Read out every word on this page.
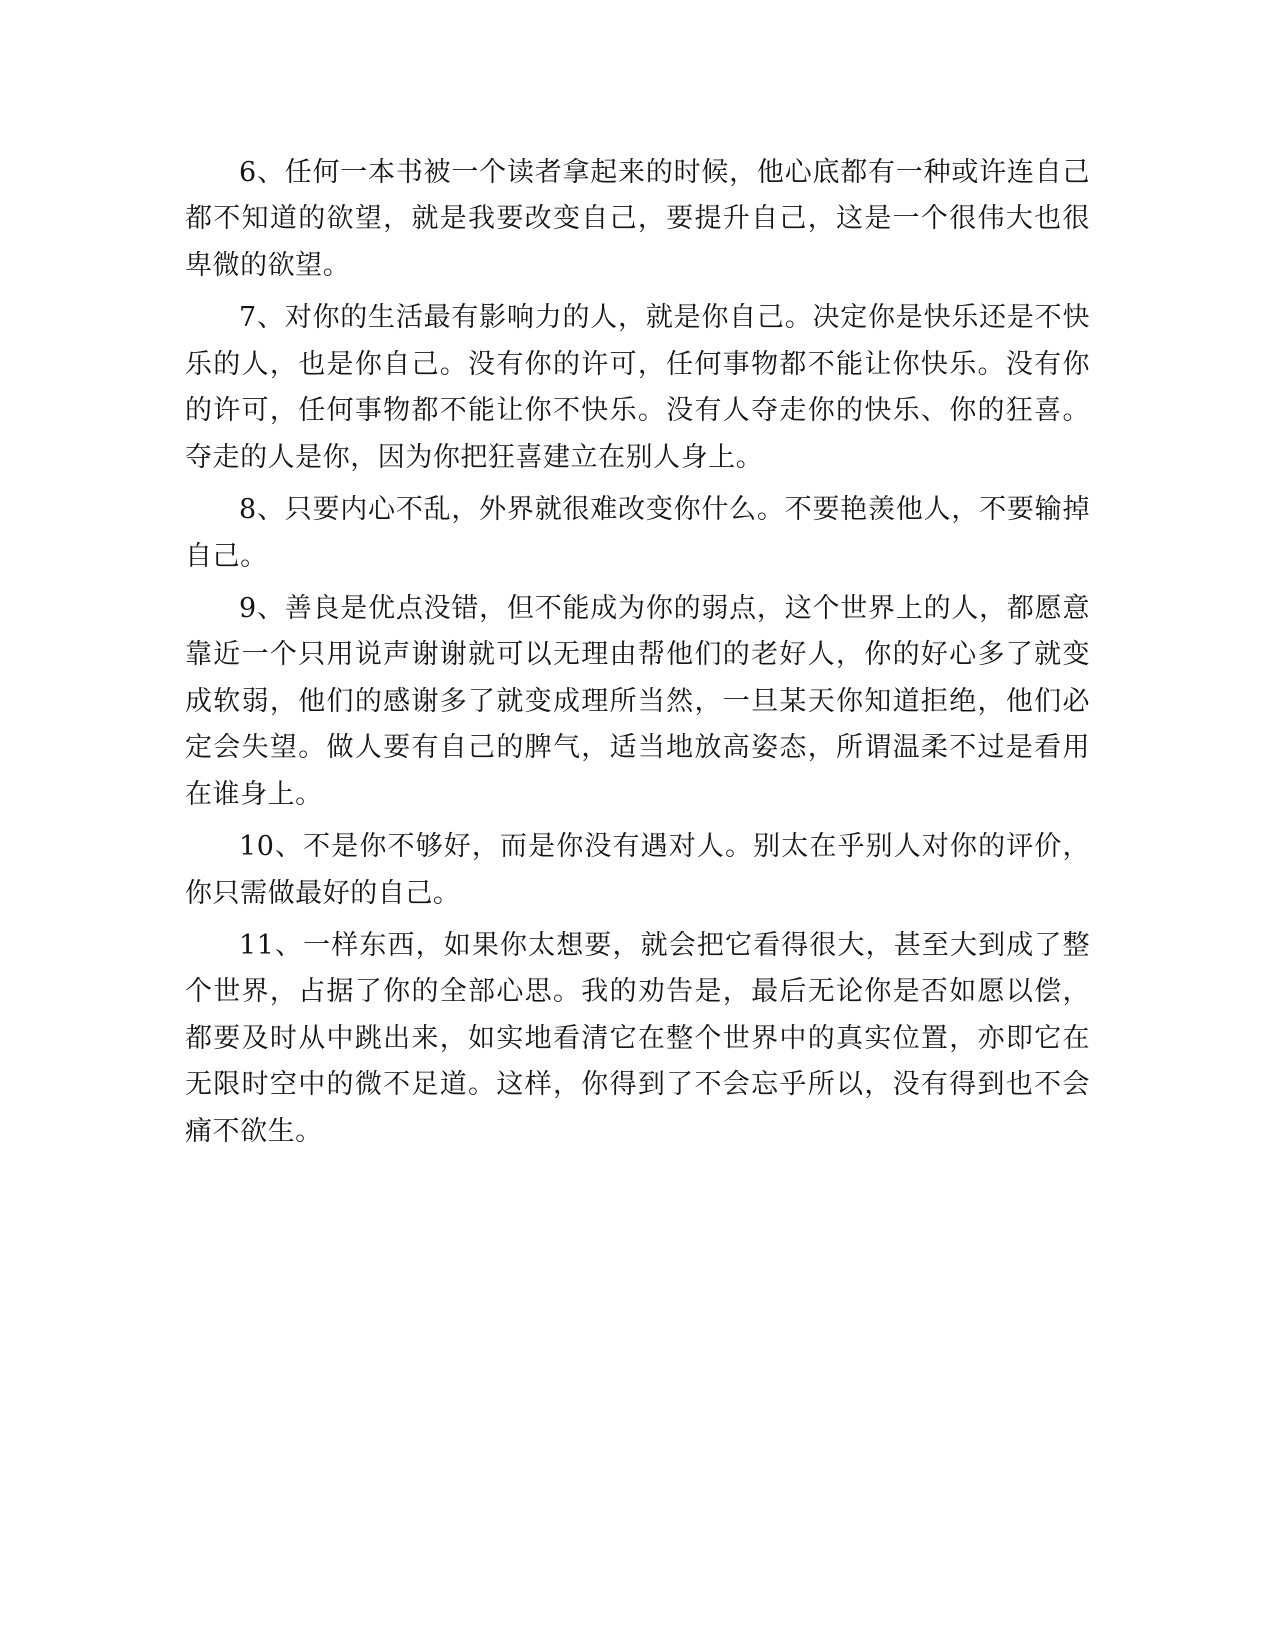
6、任何一本书被一个读者拿起来的时候，他心底都有一种或许连自己都不知道的欲望，就是我要改变自己，要提升自己，这是一个很伟大也很卑微的欲望。

7、对你的生活最有影响力的人，就是你自己。决定你是快乐还是不快乐的人，也是你自己。没有你的许可，任何事物都不能让你快乐。没有你的许可，任何事物都不能让你不快乐。没有人夺走你的快乐、你的狂喜。夺走的人是你，因为你把狂喜建立在别人身上。

8、只要内心不乱，外界就很难改变你什么。不要艳羡他人，不要输掉自己。

9、善良是优点没错，但不能成为你的弱点，这个世界上的人，都愿意靠近一个只用说声谢谢就可以无理由帮他们的老好人，你的好心多了就变成软弱，他们的感谢多了就变成理所当然，一旦某天你知道拒绝，他们必定会失望。做人要有自己的脾气，适当地放高姿态，所谓温柔不过是看用在谁身上。

10、不是你不够好，而是你没有遇对人。别太在乎别人对你的评价，你只需做最好的自己。

11、一样东西，如果你太想要，就会把它看得很大，甚至大到成了整个世界，占据了你的全部心思。我的劝告是，最后无论你是否如愿以偿，都要及时从中跳出来，如实地看清它在整个世界中的真实位置，亦即它在无限时空中的微不足道。这样，你得到了不会忘乎所以，没有得到也不会痛不欲生。
